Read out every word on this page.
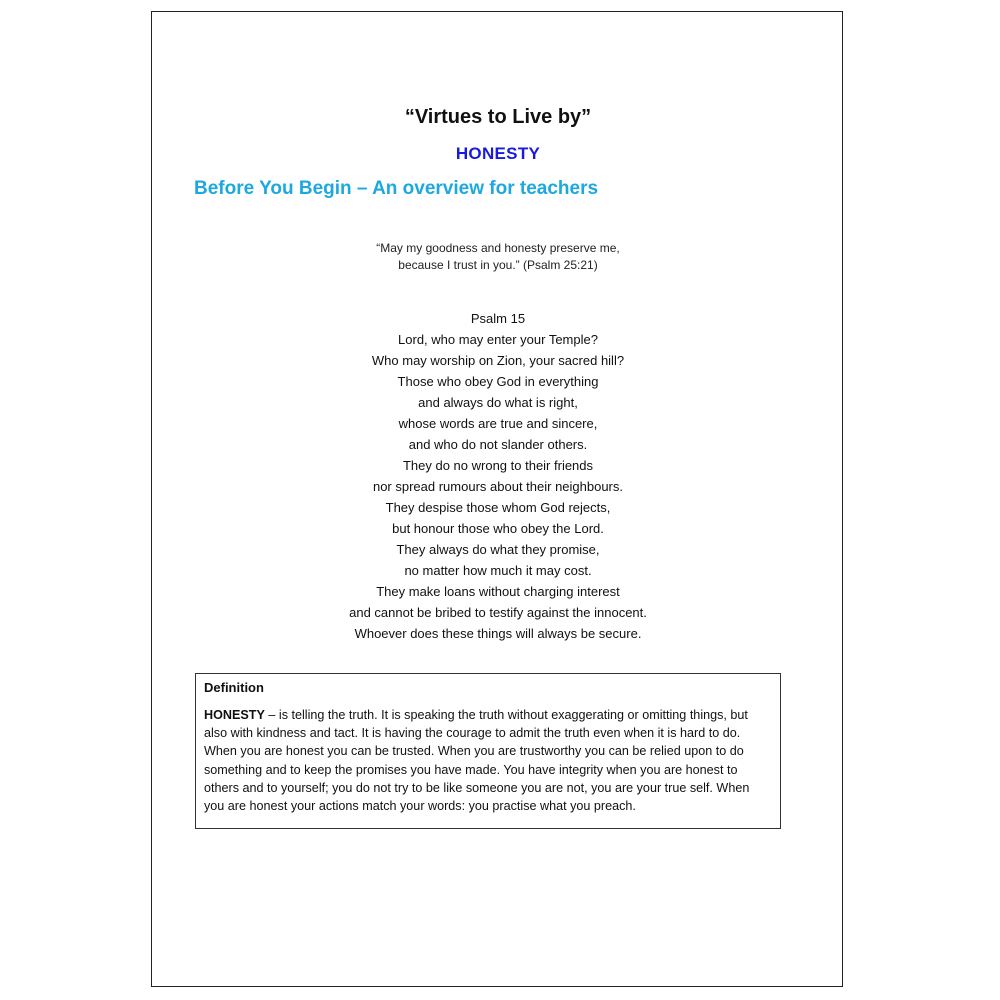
“Virtues to Live by”
HONESTY
Before You Begin – An overview for teachers
“May my goodness and honesty preserve me,
because I trust in you.” (Psalm 25:21)
Psalm 15
Lord, who may enter your Temple?
Who may worship on Zion, your sacred hill?
Those who obey God in everything
and always do what is right,
whose words are true and sincere,
and who do not slander others.
They do no wrong to their friends
nor spread rumours about their neighbours.
They despise those whom God rejects,
but honour those who obey the Lord.
They always do what they promise,
no matter how much it may cost.
They make loans without charging interest
and cannot be bribed to testify against the innocent.
Whoever does these things will always be secure.
Definition

HONESTY – is telling the truth. It is speaking the truth without exaggerating or omitting things, but also with kindness and tact. It is having the courage to admit the truth even when it is hard to do. When you are honest you can be trusted. When you are trustworthy you can be relied upon to do something and to keep the promises you have made. You have integrity when you are honest to others and to yourself; you do not try to be like someone you are not, you are your true self. When you are honest your actions match your words: you practise what you preach.
